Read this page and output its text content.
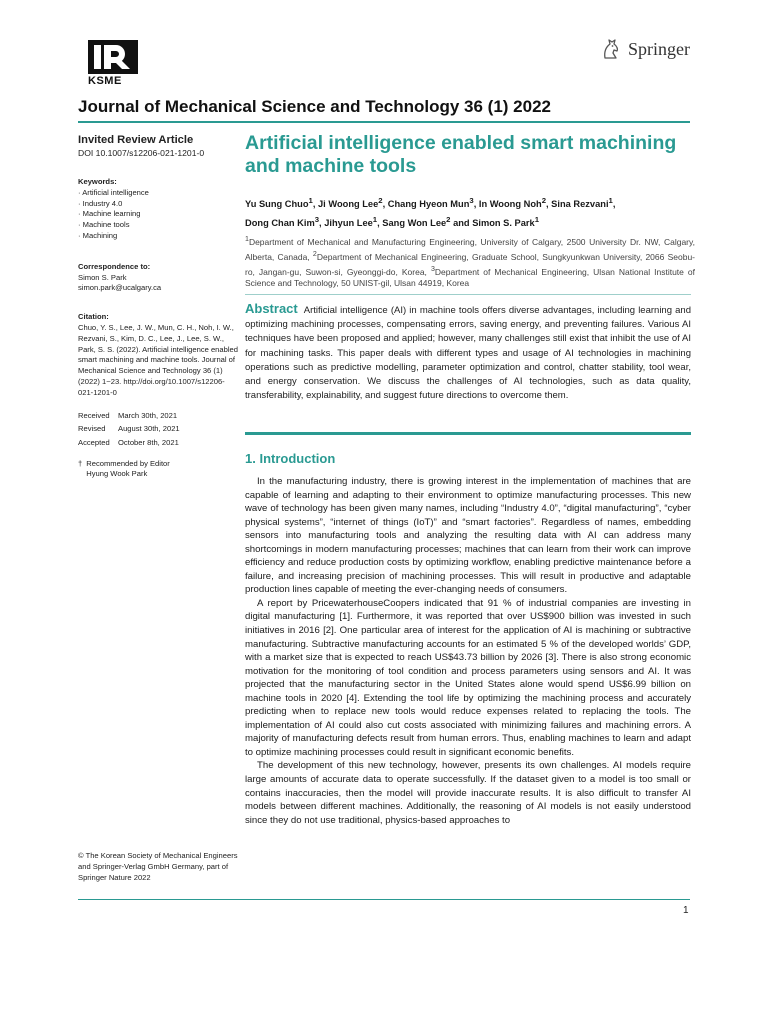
KSME
Springer
Journal of Mechanical Science and Technology 36 (1) 2022
Invited Review Article
DOI 10.1007/s12206-021-1201-0
Keywords:
· Artificial intelligence
· Industry 4.0
· Machine learning
· Machine tools
· Machining
Correspondence to:
Simon S. Park
simon.park@ucalgary.ca
Citation:
Chuo, Y. S., Lee, J. W., Mun, C. H., Noh, I. W., Rezvani, S., Kim, D. C., Lee, J., Lee, S. W., Park, S. S. (2022). Artificial intelligence enabled smart machining and machine tools. Journal of Mechanical Science and Technology 36 (1) (2022) 1~23. http://doi.org/10.1007/s12206-021-1201-0
Received	March 30th, 2021
Revised	August 30th, 2021
Accepted	October 8th, 2021
† Recommended by Editor
Hyung Wook Park
Artificial intelligence enabled smart machining and machine tools
Yu Sung Chuo$^1$, Ji Woong Lee$^2$, Chang Hyeon Mun$^3$, In Woong Noh$^2$, Sina Rezvani$^1$,
Dong Chan Kim$^3$, Jihyun Lee$^1$, Sang Won Lee$^2$ and Simon S. Park$^1$
$^1$Department of Mechanical and Manufacturing Engineering, University of Calgary, 2500 University Dr. NW, Calgary, Alberta, Canada, $^2$Department of Mechanical Engineering, Graduate School, Sungkyunkwan University, 2066 Seobu-ro, Jangan-gu, Suwon-si, Gyeonggi-do, Korea, $^3$Department of Mechanical Engineering, Ulsan National Institute of Science and Technology, 50 UNIST-gil, Ulsan 44919, Korea
Abstract Artificial intelligence (AI) in machine tools offers diverse advantages, including learning and optimizing machining processes, compensating errors, saving energy, and preventing failures. Various AI techniques have been proposed and applied; however, many challenges still exist that inhibit the use of AI for machining tasks. This paper deals with different types and usage of AI technologies in machining operations such as predictive modelling, parameter optimization and control, chatter stability, tool wear, and energy conservation. We discuss the challenges of AI technologies, such as data quality, transferability, explainability, and suggest future directions to overcome them.
1. Introduction

In the manufacturing industry, there is growing interest in the implementation of machines that are capable of learning and adapting to their environment to optimize manufacturing processes. This new wave of technology has been given many names, including “Industry 4.0”, “digital manufacturing”, “cyber physical systems”, “internet of things (IoT)” and “smart factories”. Regardless of names, embedding sensors into manufacturing tools and analyzing the resulting data with AI can address many shortcomings in modern manufacturing processes; machines that can learn from their work can improve efficiency and reduce production costs by optimizing workflow, enabling predictive maintenance before a failure, and increasing precision of machining processes. This will result in productive and adaptable production lines capable of meeting the ever-changing needs of consumers.

A report by PricewaterhouseCoopers indicated that 91 % of industrial companies are investing in digital manufacturing [1]. Furthermore, it was reported that over US$900 billion was invested in such initiatives in 2016 [2]. One particular area of interest for the application of AI is machining or subtractive manufacturing. Subtractive manufacturing accounts for an estimated 5 % of the developed worlds’ GDP, with a market size that is expected to reach US$43.73 billion by 2026 [3]. There is also strong economic motivation for the monitoring of tool condition and process parameters using sensors and AI. It was projected that the manufacturing sector in the United States alone would spend US$6.99 billion on machine tools in 2020 [4]. Extending the tool life by optimizing the machining process and accurately predicting when to replace new tools would reduce expenses related to replacing the tools. The implementation of AI could also cut costs associated with minimizing failures and machining errors. A majority of manufacturing defects result from human errors. Thus, enabling machines to learn and adapt to optimize machining processes could result in significant economic benefits.

The development of this new technology, however, presents its own challenges. AI models require large amounts of accurate data to operate successfully. If the dataset given to a model is too small or contains inaccuracies, then the model will provide inaccurate results. It is also difficult to transfer AI models between different machines. Additionally, the reasoning of AI models is not easily understood since they do not use traditional, physics-based approaches to

© The Korean Society of Mechanical Engineers and Springer-Verlag GmbH Germany, part of Springer Nature 2022
1
